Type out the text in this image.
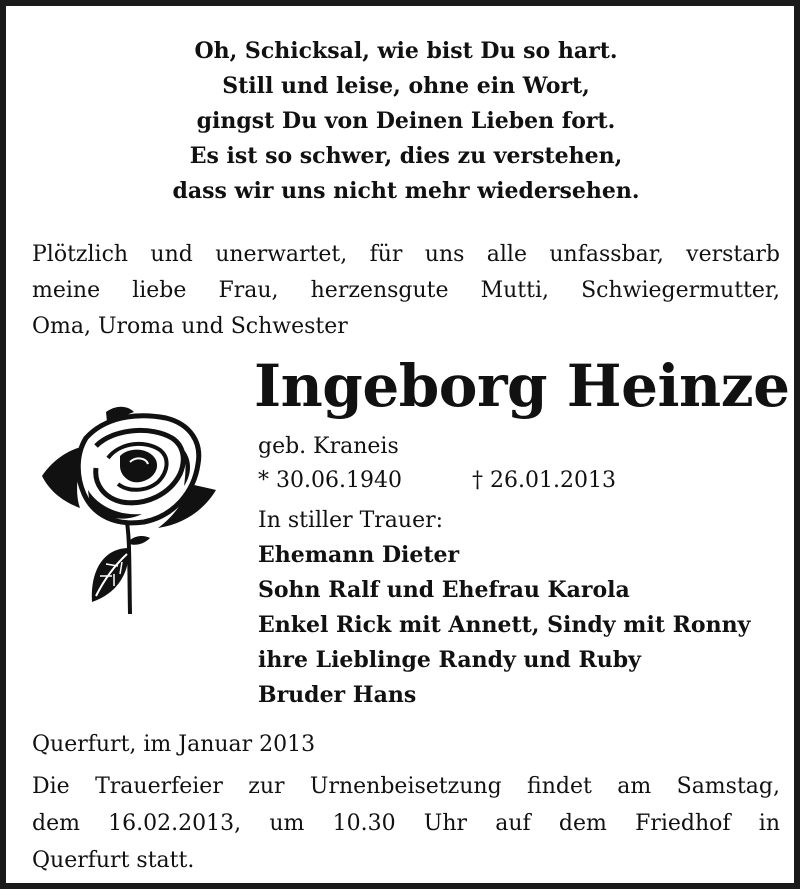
Oh, Schicksal, wie bist Du so hart.
Still und leise, ohne ein Wort,
gingst Du von Deinen Lieben fort.
Es ist so schwer, dies zu verstehen,
dass wir uns nicht mehr wiedersehen.
Plötzlich und unerwartet, für uns alle unfassbar, verstarb
meine liebe Frau, herzensgute Mutti, Schwiegermutter,
Oma, Uroma und Schwester
Ingeborg Heinze
geb. Kraneis
* 30.06.1940	† 26.01.2013
In stiller Trauer:
Ehemann Dieter
Sohn Ralf und Ehefrau Karola
Enkel Rick mit Annett, Sindy mit Ronny
ihre Lieblinge Randy und Ruby
Bruder Hans
Querfurt, im Januar 2013
Die Trauerfeier zur Urnenbeisetzung findet am Samstag,
dem 16.02.2013, um 10.30 Uhr auf dem Friedhof in
Querfurt statt.
